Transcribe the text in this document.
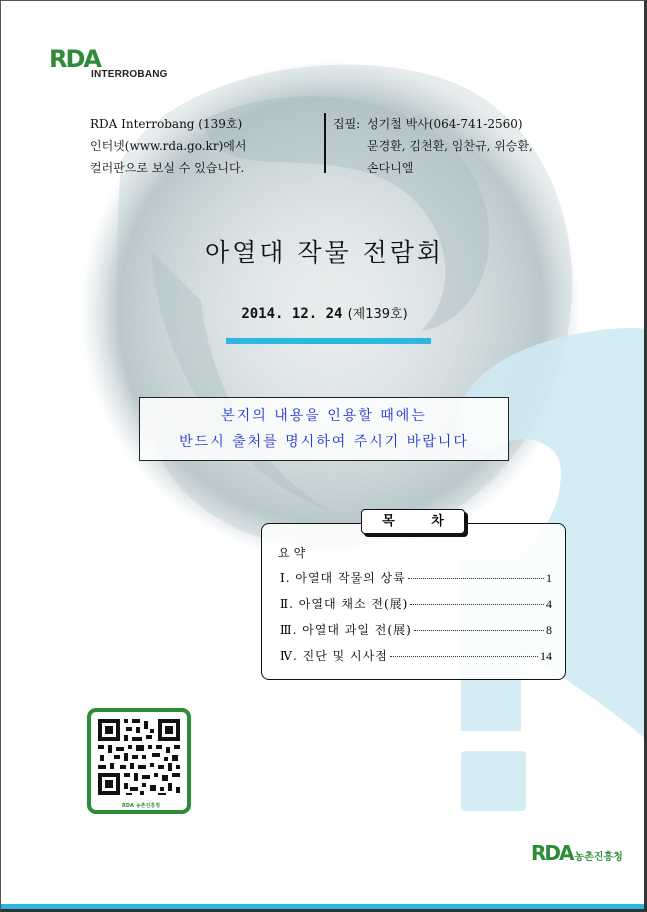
RDA
INTERROBANG
RDA Interrobang (139호)
인터넷(www.rda.go.kr)에서
컬러판으로 보실 수 있습니다.
집필: 성기철 박사(064-741-2560)
문경환, 김천환, 임찬규, 위승환,
손다니엘
아열대 작물 전람회
2014. 12. 24 (제139호)
본지의 내용을 인용할 때에는
반드시 출처를 명시하여 주시기 바랍니다
요약
Ⅰ. 아열대 작물의 상륙	1
Ⅱ. 아열대 채소 전(展)	4
Ⅲ. 아열대 과일 전(展)	8
Ⅳ. 진단 및 시사점	14
목 차
RDA 농촌진흥청
RDA 농촌진흥청
